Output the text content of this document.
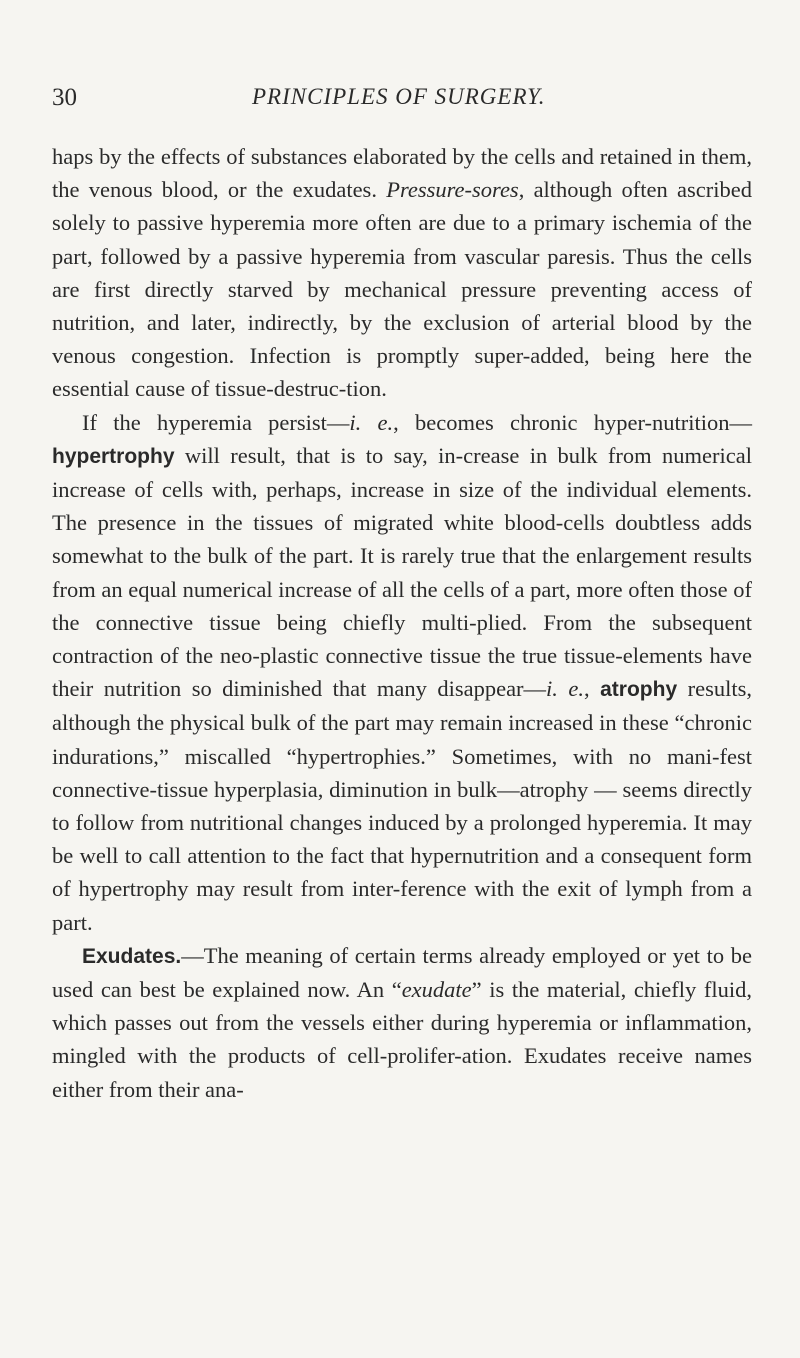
30	PRINCIPLES OF SURGERY.

haps by the effects of substances elaborated by the cells and retained in them, the venous blood, or the exudates. Pressure-sores, although often ascribed solely to passive hyperemia more often are due to a primary ischemia of the part, followed by a passive hyperemia from vascular paresis. Thus the cells are first directly starved by mechanical pressure preventing access of nutrition, and later, indirectly, by the exclusion of arterial blood by the venous congestion. Infection is promptly super-added, being here the essential cause of tissue-destruc-tion.

If the hyperemia persist—i. e., becomes chronic hyper-nutrition—hypertrophy will result, that is to say, in-crease in bulk from numerical increase of cells with, perhaps, increase in size of the individual elements. The presence in the tissues of migrated white blood-cells doubtless adds somewhat to the bulk of the part. It is rarely true that the enlargement results from an equal numerical increase of all the cells of a part, more often those of the connective tissue being chiefly multi-plied. From the subsequent contraction of the neo-plastic connective tissue the true tissue-elements have their nutrition so diminished that many disappear—i. e., atrophy results, although the physical bulk of the part may remain increased in these “chronic indurations,” miscalled “hypertrophies.” Sometimes, with no mani-fest connective-tissue hyperplasia, diminution in bulk—atrophy — seems directly to follow from nutritional changes induced by a prolonged hyperemia. It may be well to call attention to the fact that hypernutrition and a consequent form of hypertrophy may result from inter-ference with the exit of lymph from a part.

Exudates.—The meaning of certain terms already employed or yet to be used can best be explained now. An “exudate” is the material, chiefly fluid, which passes out from the vessels either during hyperemia or inflammation, mingled with the products of cell-prolifer-ation. Exudates receive names either from their ana-
